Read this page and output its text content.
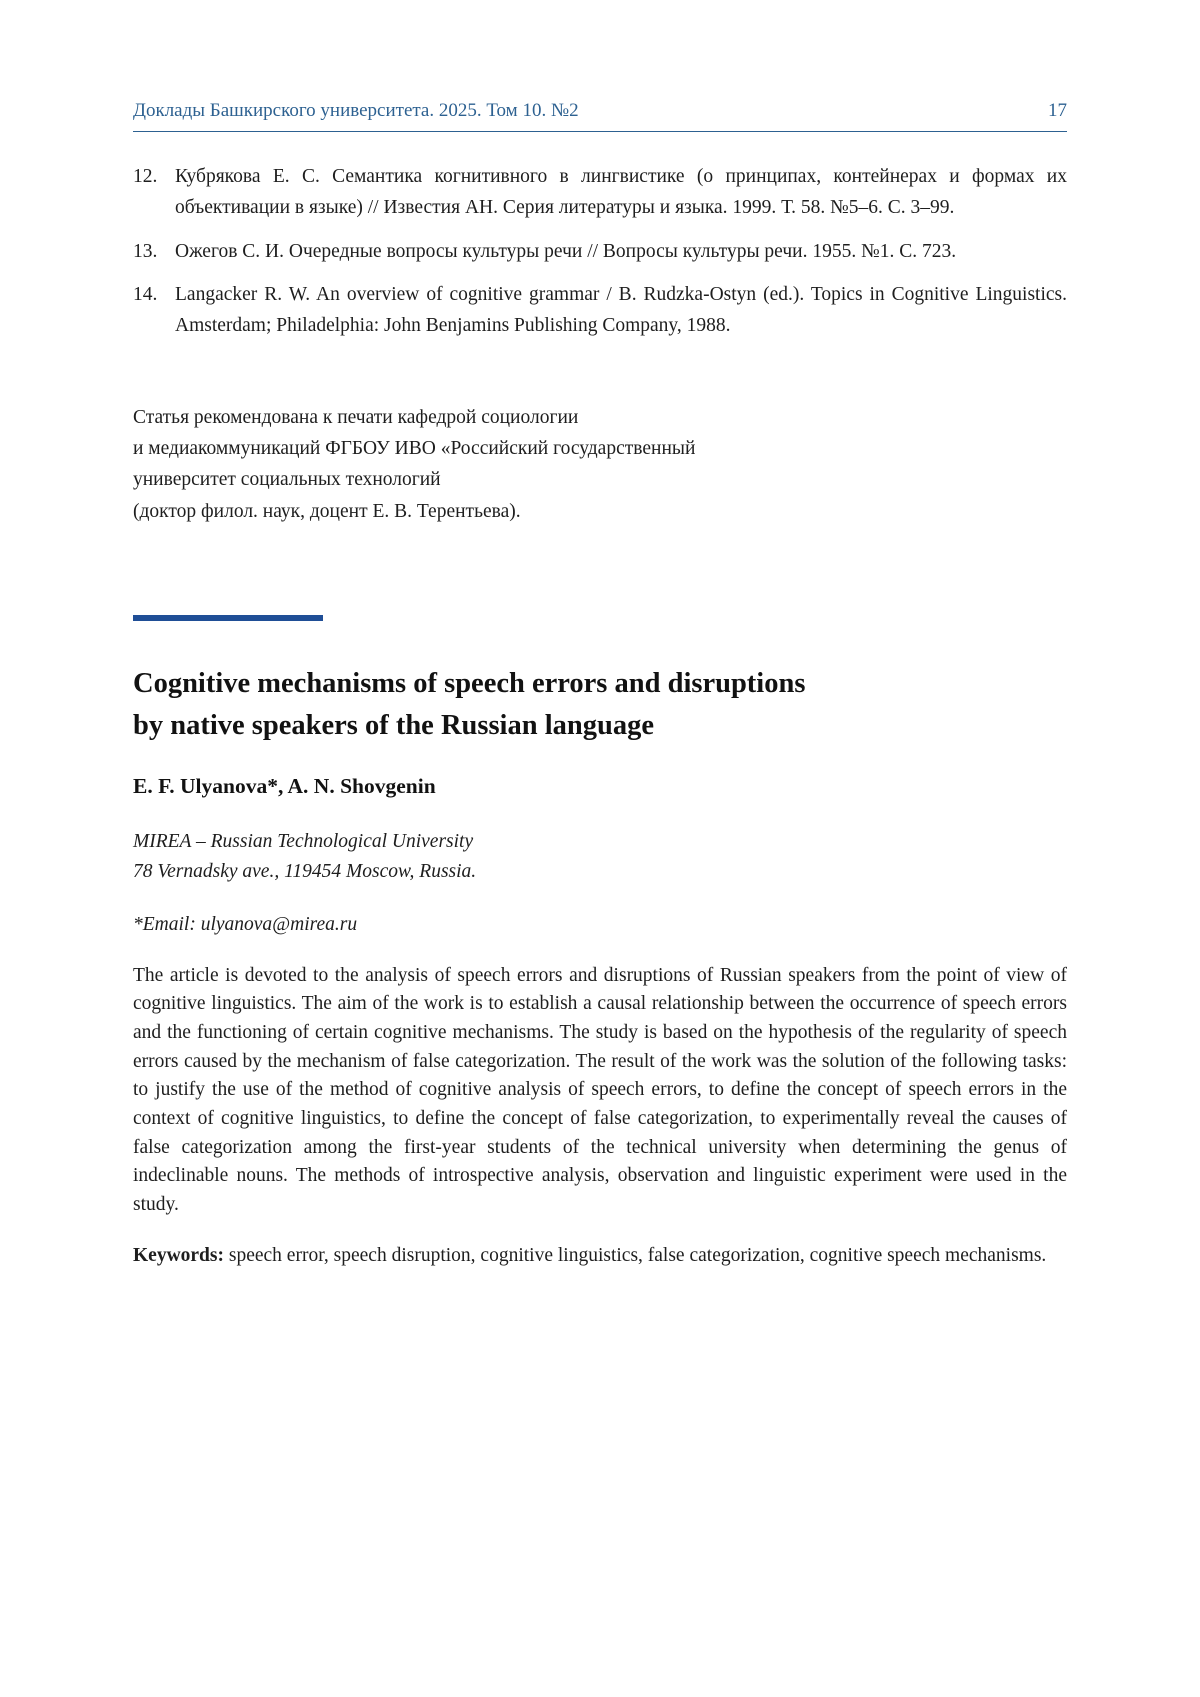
Доклады Башкирского университета. 2025. Том 10. №2	17
12. Кубрякова Е. С. Семантика когнитивного в лингвистике (о принципах, контейнерах и формах их объективации в языке) // Известия АН. Серия литературы и языка. 1999. Т. 58. №5–6. С. 3–99.
13. Ожегов С. И. Очередные вопросы культуры речи // Вопросы культуры речи. 1955. №1. С. 723.
14. Langacker R. W. An overview of cognitive grammar / B. Rudzka-Ostyn (ed.). Topics in Cognitive Linguistics. Amsterdam; Philadelphia: John Benjamins Publishing Company, 1988.
Статья рекомендована к печати кафедрой социологии
и медиакоммуникаций ФГБОУ ИВО «Российский государственный
университет социальных технологий
(доктор филол. наук, доцент Е. В. Терентьева).
Cognitive mechanisms of speech errors and disruptions
by native speakers of the Russian language
E. F. Ulyanova*, A. N. Shovgenin
MIREA – Russian Technological University
78 Vernadsky ave., 119454 Moscow, Russia.
*Email: ulyanova@mirea.ru

The article is devoted to the analysis of speech errors and disruptions of Russian speakers from the point of view of cognitive linguistics. The aim of the work is to establish a causal relationship between the occurrence of speech errors and the functioning of certain cognitive mechanisms. The study is based on the hypothesis of the regularity of speech errors caused by the mechanism of false categorization. The result of the work was the solution of the following tasks: to justify the use of the method of cognitive analysis of speech errors, to define the concept of speech errors in the context of cognitive linguistics, to define the concept of false categorization, to experimentally reveal the causes of false categorization among the first-year students of the technical university when determining the genus of indeclinable nouns. The methods of introspective analysis, observation and linguistic experiment were used in the study.

Keywords: speech error, speech disruption, cognitive linguistics, false categorization, cognitive speech mechanisms.
